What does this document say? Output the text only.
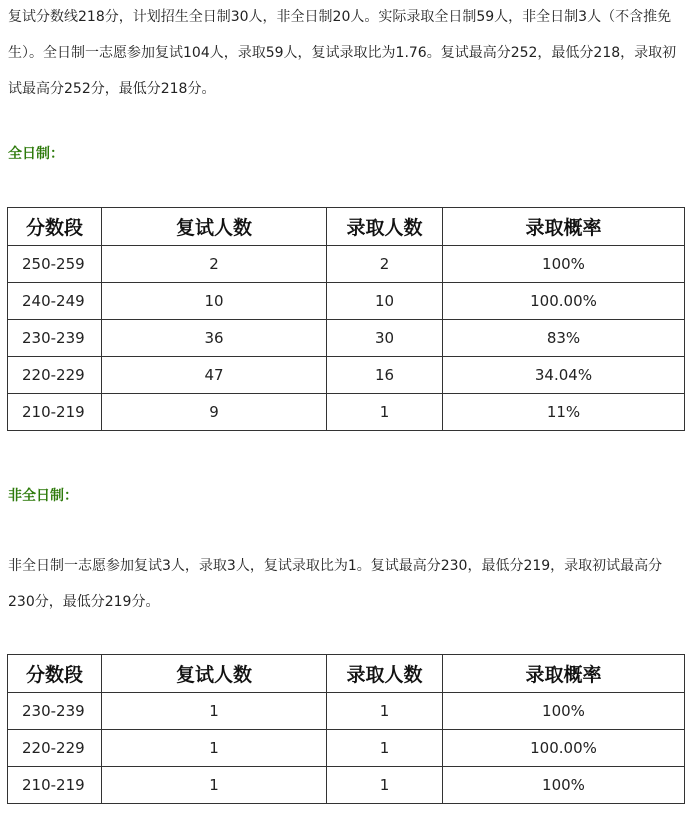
复试分数线218分，计划招生全日制30人，非全日制20人。实际录取全日制59人，非全日制3人（不含推免生）。全日制一志愿参加复试104人，录取59人，复试录取比为1.76。复试最高分252，最低分218，录取初试最高分252分，最低分218分。

全日制：

分数段	复试人数	录取人数	录取概率
250-259	2	2	100%
240-249	10	10	100.00%
230-239	36	30	83%
220-229	47	16	34.04%
210-219	9	1	11%

非全日制：

非全日制一志愿参加复试3人，录取3人，复试录取比为1。复试最高分230，最低分219，录取初试最高分230分，最低分219分。

分数段	复试人数	录取人数	录取概率
230-239	1	1	100%
220-229	1	1	100.00%
210-219	1	1	100%
